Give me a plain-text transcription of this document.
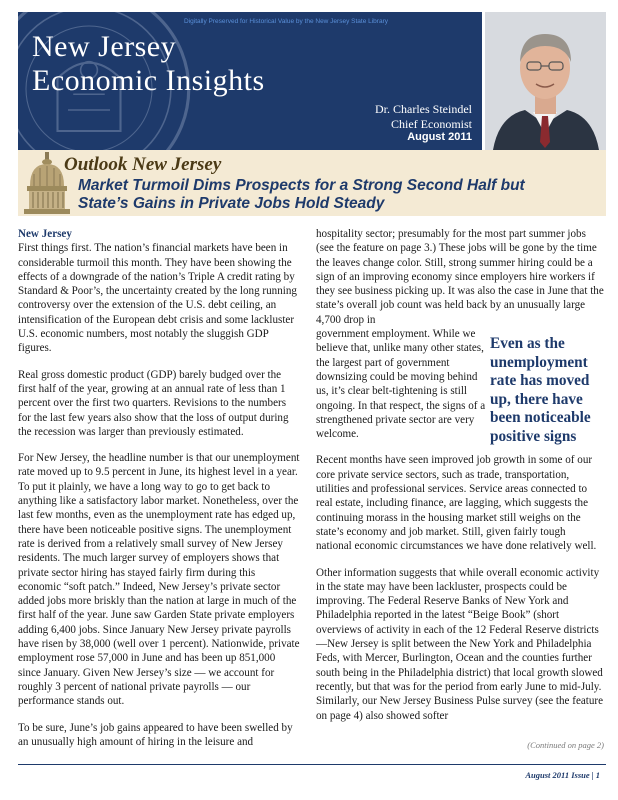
Digitally Preserved for Historical Value by the New Jersey State Library
New Jersey
Economic Insights
Dr. Charles Steindel
Chief Economist
August 2011
Outlook New Jersey
Market Turmoil Dims Prospects for a Strong Second Half but
State’s Gains in Private Jobs Hold Steady

New Jersey
First things first. The nation’s financial markets have been in considerable turmoil this month. They have been showing the effects of a downgrade of the nation’s Triple A credit rating by Standard & Poor’s, the uncertainty created by the long running controversy over the extension of the U.S. debt ceiling, an intensification of the European debt crisis and some lackluster U.S. economic numbers, most notably the sluggish GDP figures.

Real gross domestic product (GDP) barely budged over the first half of the year, growing at an annual rate of less than 1 percent over the first two quarters. Revisions to the numbers for the last few years also show that the loss of output during the recession was larger than previously estimated.

For New Jersey, the headline number is that our unemployment rate moved up to 9.5 percent in June, its highest level in a year. To put it plainly, we have a long way to go to get back to anything like a satisfactory labor market. Nonetheless, over the last few months, even as the unemployment rate has edged up, there have been noticeable positive signs. The unemployment rate is derived from a relatively small survey of New Jersey residents. The much larger survey of employers shows that private sector hiring has stayed fairly firm during this economic “soft patch.” Indeed, New Jersey’s private sector added jobs more briskly than the nation at large in much of the first half of the year. June saw Garden State private employers adding 6,400 jobs. Since January New Jersey private payrolls have risen by 38,000 (well over 1 percent). Nationwide, private employment rose 57,000 in June and has been up 851,000 since January. Given New Jersey’s size — we account for roughly 3 percent of national private payrolls — our performance stands out.

To be sure, June’s job gains appeared to have been swelled by an unusually high amount of hiring in the leisure and

hospitality sector; presumably for the most part summer jobs (see the feature on page 3.) These jobs will be gone by the time the leaves change color. Still, strong summer hiring could be a sign of an improving economy since employers hire workers if they see business picking up. It was also the case in June that the state’s overall job count was held back by an unusually large 4,700 drop in

Even as the unemployment rate has moved up, there have been noticeable positive signs

government employment. While we believe that, unlike many other states, the largest part of government downsizing could be moving behind us, it’s clear belt-tightening is still ongoing. In that respect, the signs of a strengthened private sector are very welcome.

Recent months have seen improved job growth in some of our core private service sectors, such as trade, transportation, utilities and professional services. Service areas connected to real estate, including finance, are lagging, which suggests the continuing morass in the housing market still weighs on the state’s economy and job market. Still, given fairly tough national economic circumstances we have done relatively well.

Other information suggests that while overall economic activity in the state may have been lackluster, prospects could be improving. The Federal Reserve Banks of New York and Philadelphia reported in the latest “Beige Book” (short overviews of activity in each of the 12 Federal Reserve districts—New Jersey is split between the New York and Philadelphia Feds, with Mercer, Burlington, Ocean and the counties further south being in the Philadelphia district) that local growth slowed recently, but that was for the period from early June to mid-July. Similarly, our New Jersey Business Pulse survey (see the feature on page 4) also showed softer

(Continued on page 2)
August 2011 Issue | 1
